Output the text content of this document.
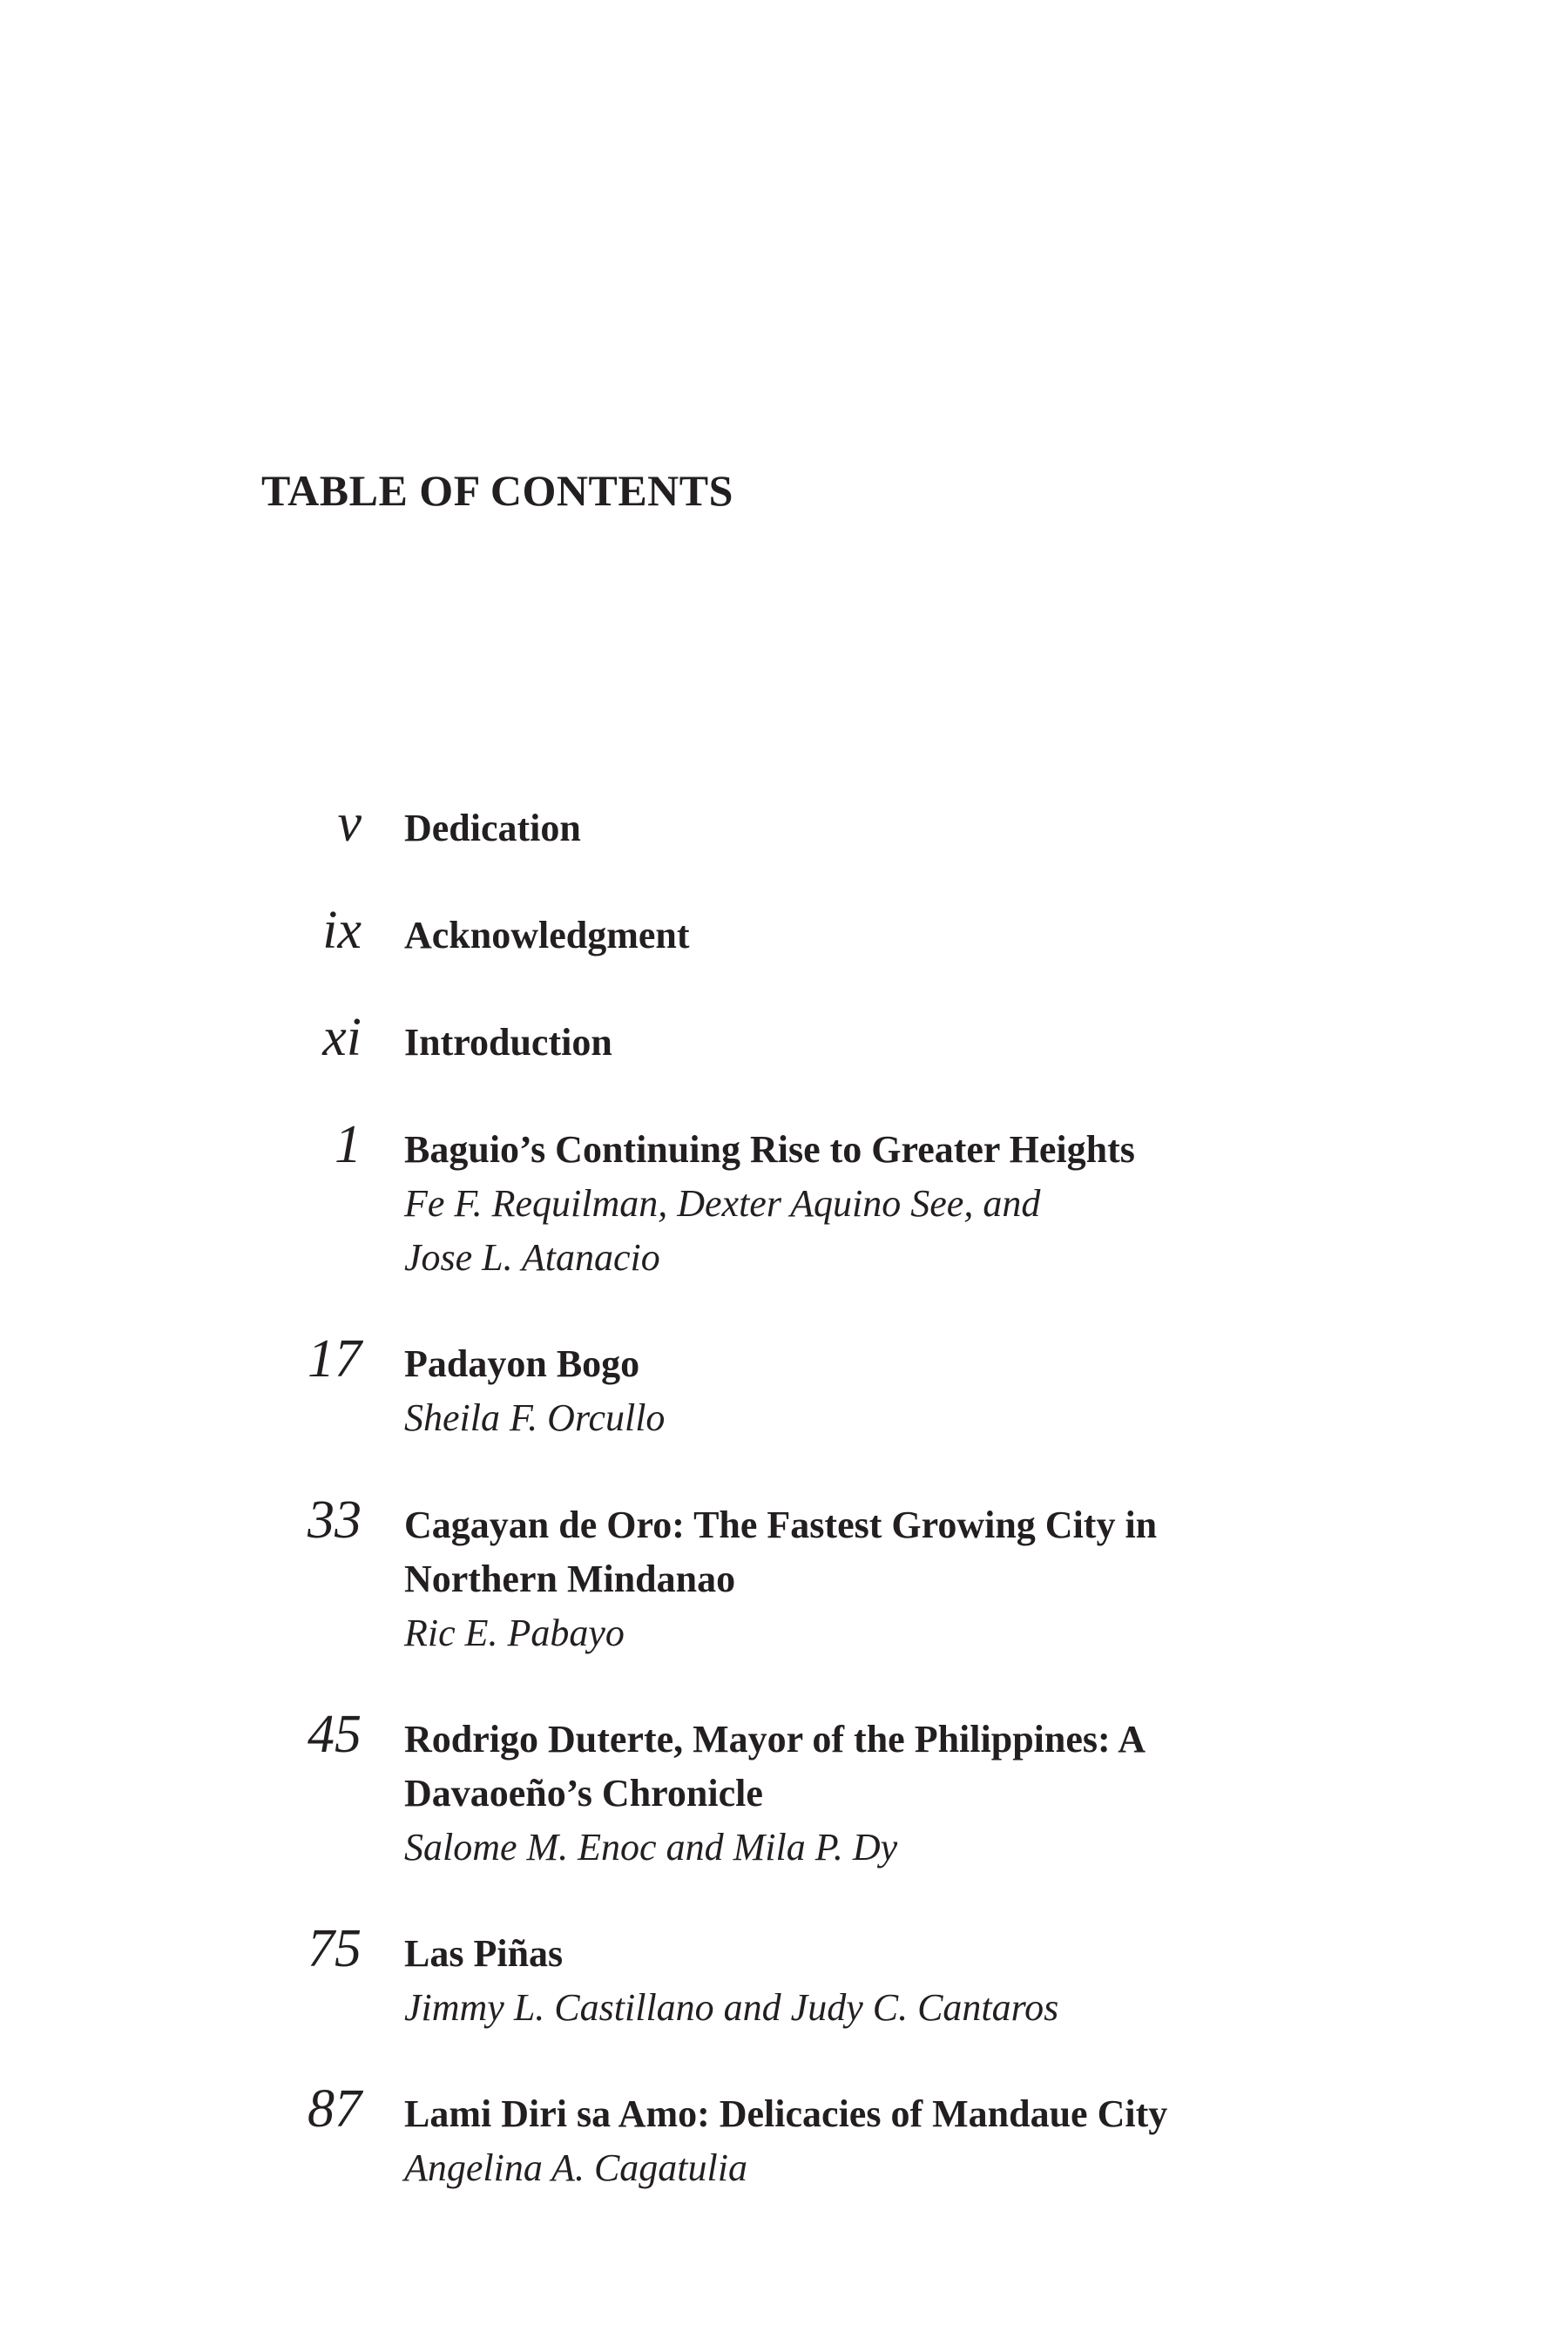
TABLE OF CONTENTS
v Dedication
ix Acknowledgment
xi Introduction
1 Baguio’s Continuing Rise to Greater Heights
Fe F. Requilman, Dexter Aquino See, and
Jose L. Atanacio
17 Padayon Bogo
Sheila F. Orcullo
33 Cagayan de Oro: The Fastest Growing City in
Northern Mindanao
Ric E. Pabayo
45 Rodrigo Duterte, Mayor of the Philippines: A
Davaoeño’s Chronicle
Salome M. Enoc and Mila P. Dy
75 Las Piñas
Jimmy L. Castillano and Judy C. Cantaros
87 Lami Diri sa Amo: Delicacies of Mandaue City
Angelina A. Cagatulia
